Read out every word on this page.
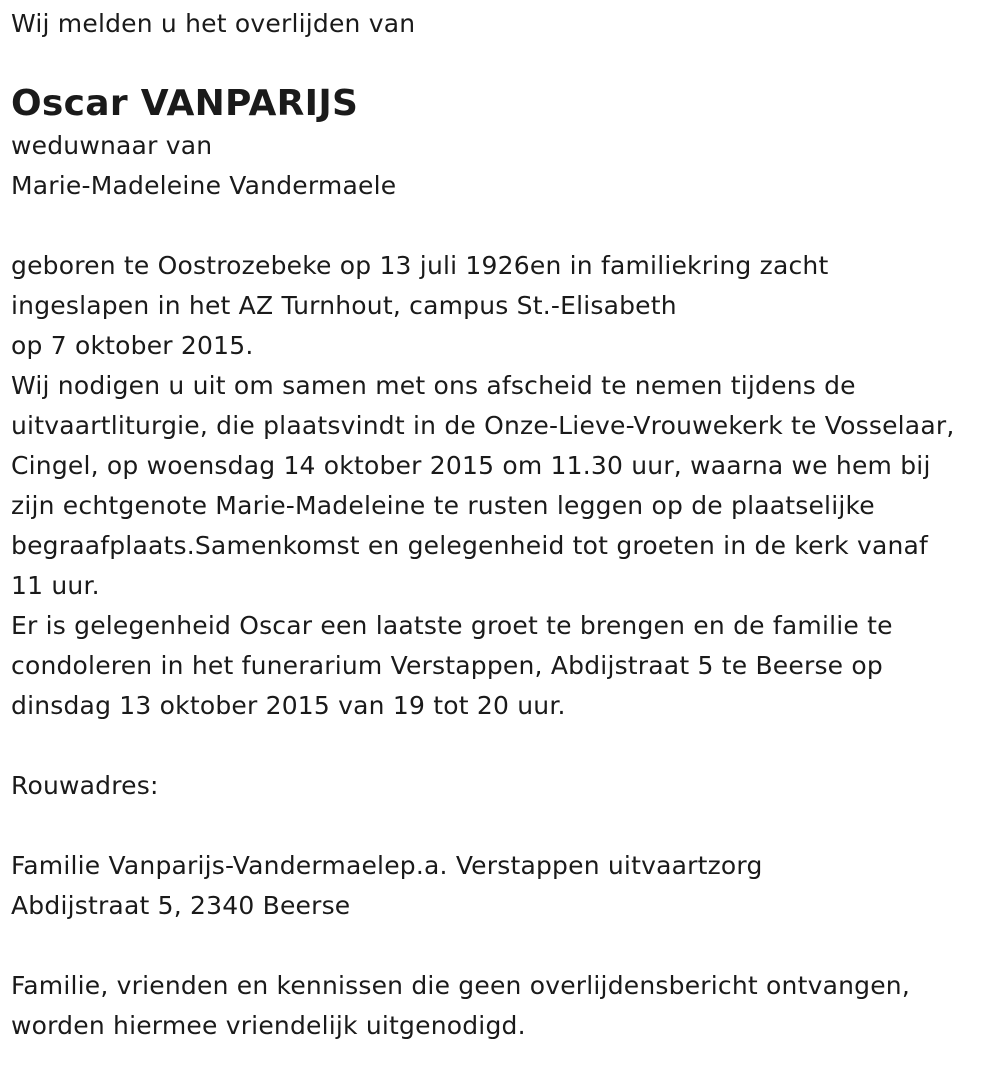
Wij melden u het overlijden van
Oscar VANPARIJS
weduwnaar van
Marie-Madeleine Vandermaele
geboren te Oostrozebeke op 13 juli 1926en in familiekring zacht
ingeslapen in het AZ Turnhout, campus St.-Elisabeth
op 7 oktober 2015.
Wij nodigen u uit om samen met ons afscheid te nemen tijdens de
uitvaartliturgie, die plaatsvindt in de Onze-Lieve-Vrouwekerk te Vosselaar,
Cingel, op woensdag 14 oktober 2015 om 11.30 uur, waarna we hem bij
zijn echtgenote Marie-Madeleine te rusten leggen op de plaatselijke
begraafplaats.Samenkomst en gelegenheid tot groeten in de kerk vanaf
11 uur.
Er is gelegenheid Oscar een laatste groet te brengen en de familie te
condoleren in het funerarium Verstappen, Abdijstraat 5 te Beerse op
dinsdag 13 oktober 2015 van 19 tot 20 uur.
Rouwadres:
Familie Vanparijs-Vandermaelep.a. Verstappen uitvaartzorg
Abdijstraat 5, 2340 Beerse
Familie, vrienden en kennissen die geen overlijdensbericht ontvangen,
worden hiermee vriendelijk uitgenodigd.
